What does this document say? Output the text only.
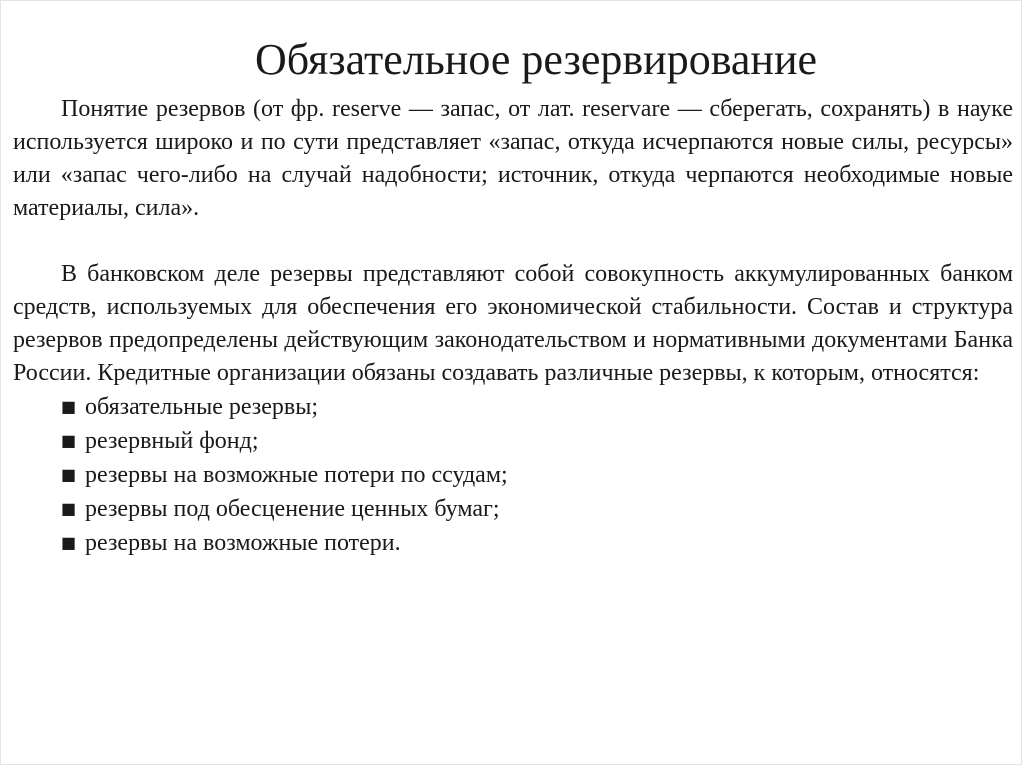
Обязательное резервирование

Понятие резервов (от фр. reserve — запас, от лат. reservare — сберегать, сохранять) в науке используется широко и по сути представляет «запас, откуда исчерпаются новые силы, ресурсы» или «запас чего-либо на случай надобности; источник, откуда черпаются необходимые новые материалы, сила».

В банковском деле резервы представляют собой совокупность аккумулированных банком средств, используемых для обеспечения его экономической стабильности. Состав и структура резервов предопределены действующим законодательством и нормативными документами Банка России. Кредитные организации обязаны создавать различные резервы, к которым, относятся:

■ обязательные резервы;
■ резервный фонд;
■ резервы на возможные потери по ссудам;
■ резервы под обесценение ценных бумаг;
■ резервы на возможные потери.
